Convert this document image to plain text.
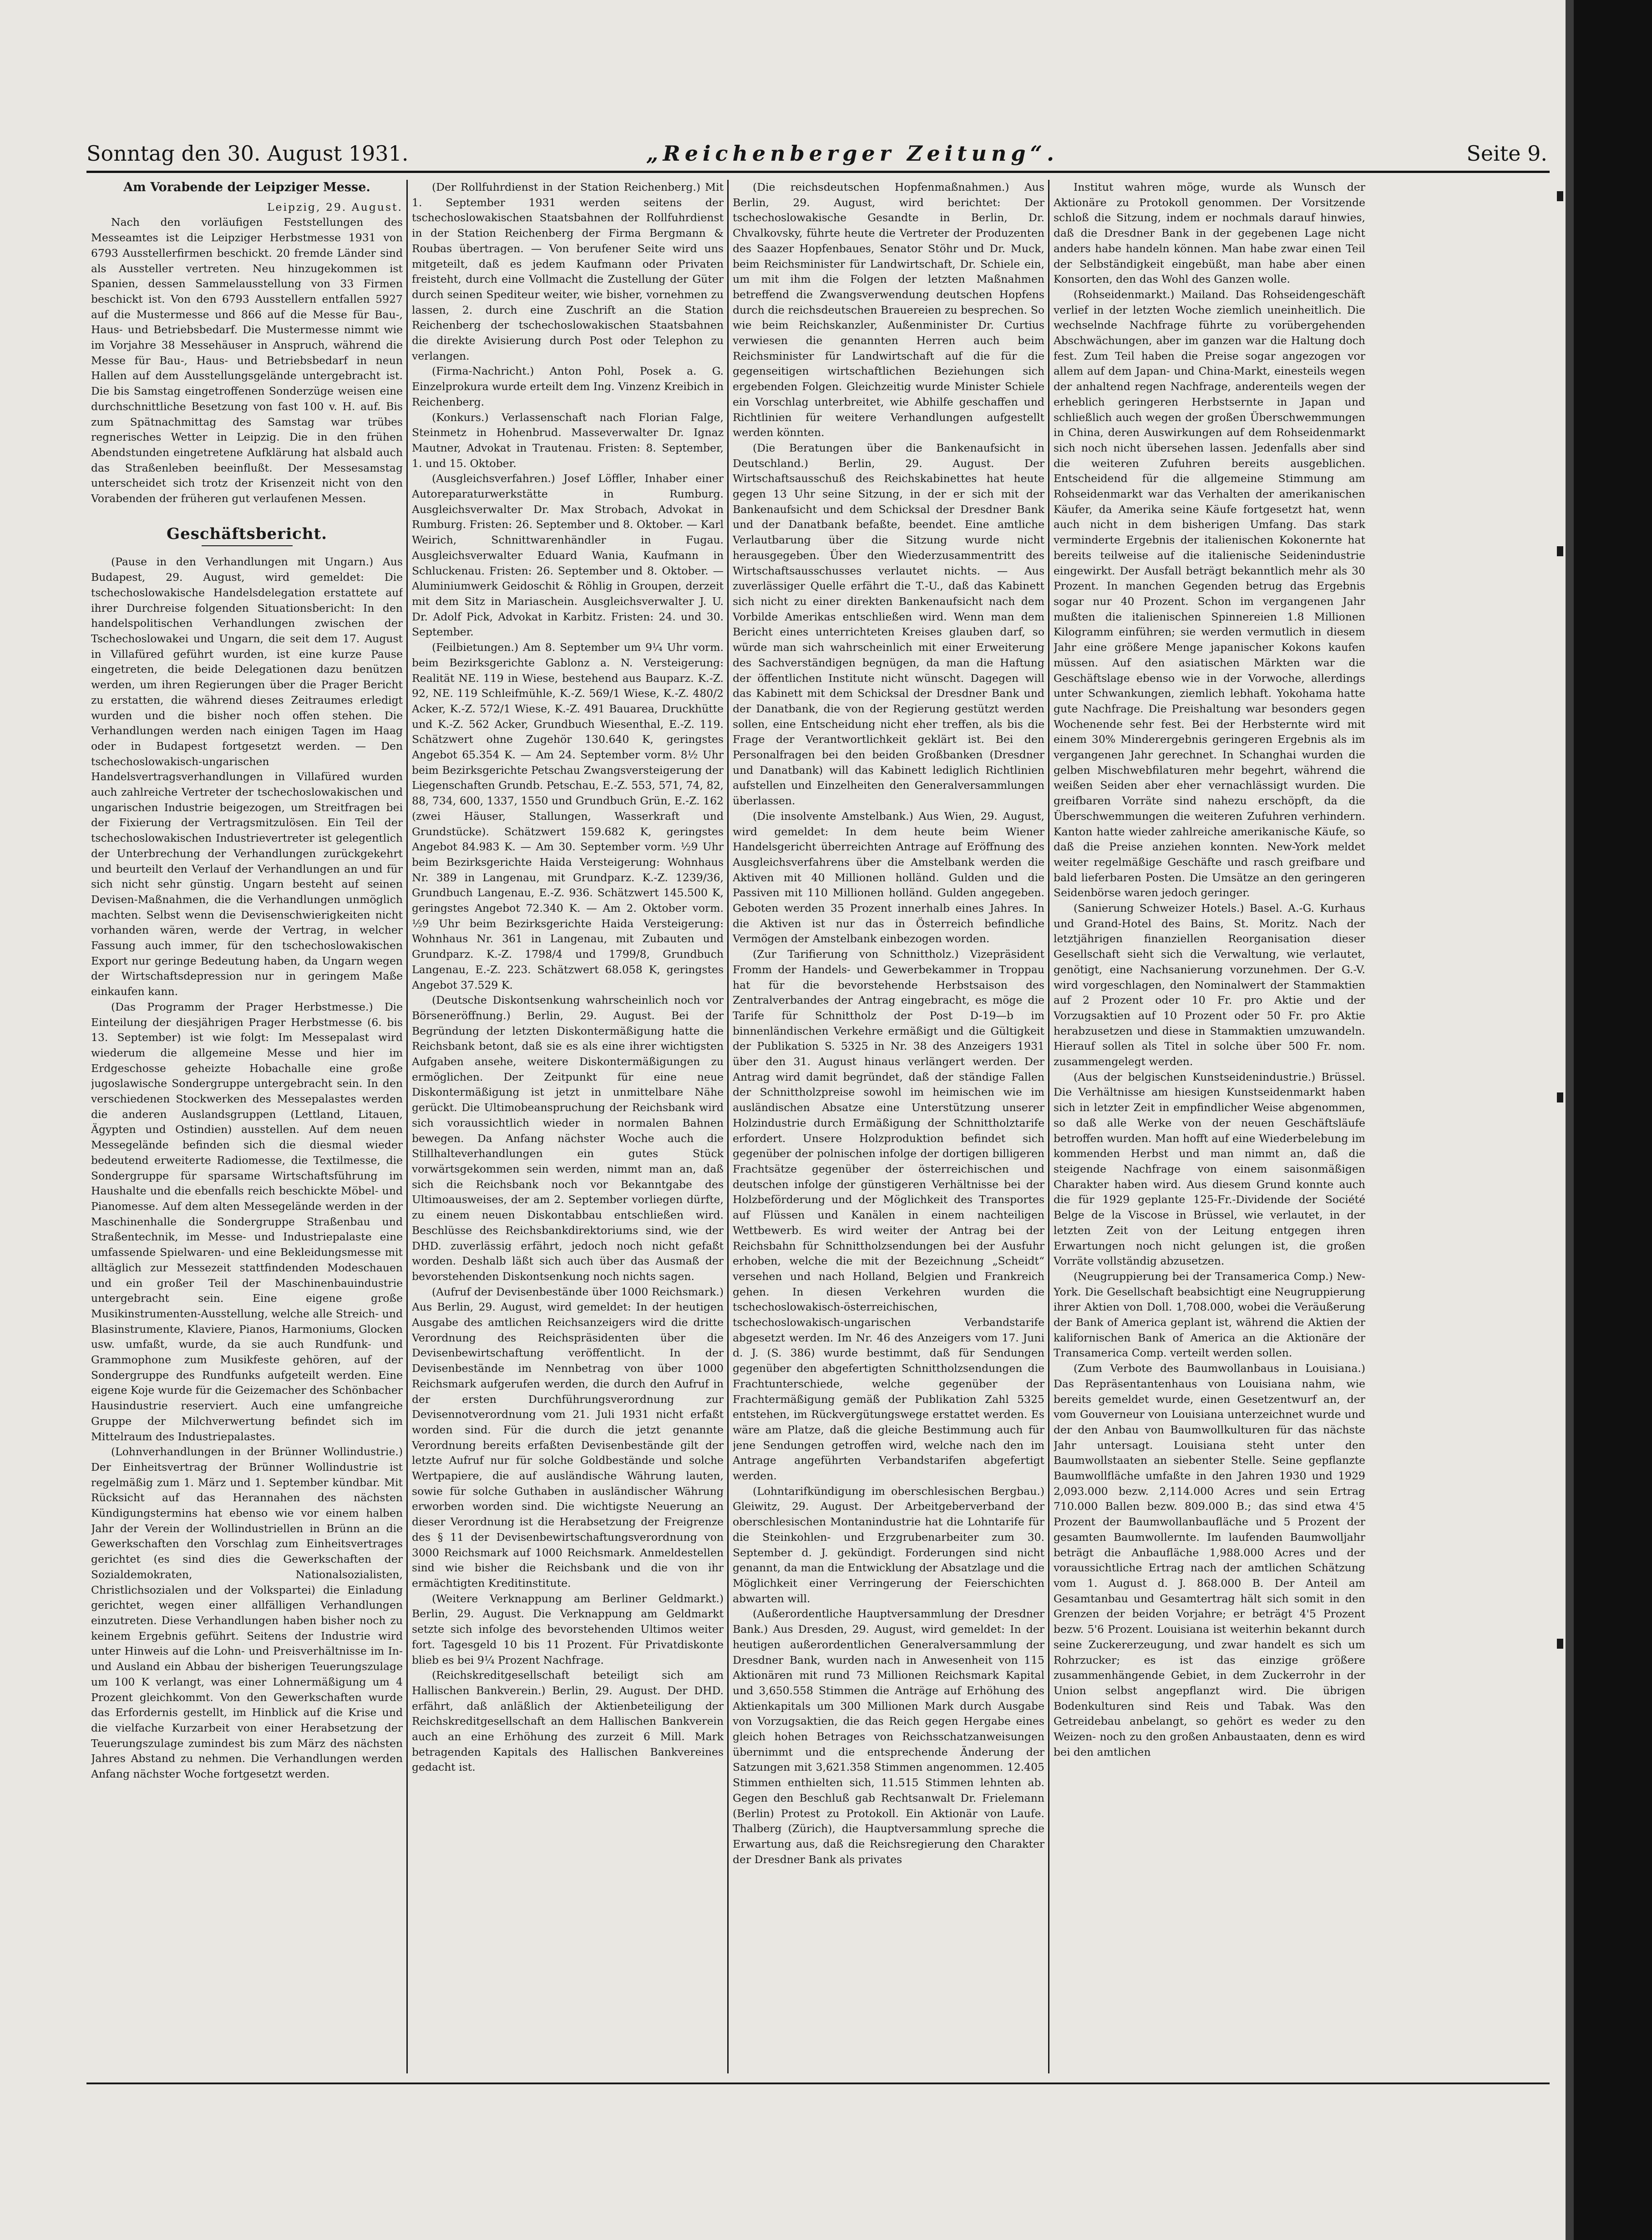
Sonntag den 30. August 1931.	„Reichenberger Zeitung“.	Seite 9.

Am Vorabende der Leipziger Messe.

Leipzig, 29. August.

Nach den vorläufigen Feststellungen des Messeamtes ist die Leipziger Herbstmesse 1931 von 6793 Ausstellerfirmen beschickt. 20 fremde Länder sind als Aussteller vertreten. Neu hinzugekommen ist Spanien, dessen Sammelausstellung von 33 Firmen beschickt ist. Von den 6793 Ausstellern entfallen 5927 auf die Mustermesse und 866 auf die Messe für Bau-, Haus- und Betriebsbedarf. Die Mustermesse nimmt wie im Vorjahre 38 Messehäuser in Anspruch, während die Messe für Bau-, Haus- und Betriebsbedarf in neun Hallen auf dem Ausstellungsgelände untergebracht ist. Die bis Samstag eingetroffenen Sonderzüge weisen eine durchschnittliche Besetzung von fast 100 v. H. auf. Bis zum Spätnachmittag des Samstag war trübes regnerisches Wetter in Leipzig. Die in den frühen Abendstunden eingetretene Aufklärung hat alsbald auch das Straßenleben beeinflußt. Der Messesamstag unterscheidet sich trotz der Krisenzeit nicht von den Vorabenden der früheren gut verlaufenen Messen.

Geschäftsbericht.

(Pause in den Verhandlungen mit Ungarn.) Aus Budapest, 29. August, wird gemeldet: Die tschechoslowakische Handelsdelegation erstattete auf ihrer Durchreise folgenden Situationsbericht: In den handelspolitischen Verhandlungen zwischen der Tschechoslowakei und Ungarn, die seit dem 17. August in Villafüred geführt wurden, ist eine kurze Pause eingetreten, die beide Delegationen dazu benützen werden, um ihren Regierungen über die Prager Bericht zu erstatten, die während dieses Zeitraumes erledigt wurden und die bisher noch offen stehen. Die Verhandlungen werden nach einigen Tagen im Haag oder in Budapest fortgesetzt werden. — Den tschechoslowakisch-ungarischen Handelsvertragsverhandlungen in Villafüred wurden auch zahlreiche Vertreter der tschechoslowakischen und ungarischen Industrie beigezogen, um Streitfragen bei der Fixierung der Vertragsmitzulösen. Ein Teil der tschechoslowakischen Industrievertreter ist gelegentlich der Unterbrechung der Verhandlungen zurückgekehrt und beurteilt den Verlauf der Verhandlungen an und für sich nicht sehr günstig. Ungarn besteht auf seinen Devisen-Maßnahmen, die die Verhandlungen unmöglich machten. Selbst wenn die Devisenschwierigkeiten nicht vorhanden wären, werde der Vertrag, in welcher Fassung auch immer, für den tschechoslowakischen Export nur geringe Bedeutung haben, da Ungarn wegen der Wirtschaftsdepression nur in geringem Maße einkaufen kann.

(Das Programm der Prager Herbstmesse.) Die Einteilung der diesjährigen Prager Herbstmesse (6. bis 13. September) ist wie folgt: Im Messepalast wird wiederum die allgemeine Messe und hier im Erdgeschosse geheizte Hobachalle eine große jugoslawische Sondergruppe untergebracht sein. In den verschiedenen Stockwerken des Messepalastes werden die anderen Auslandsgruppen (Lettland, Litauen, Ägypten und Ostindien) ausstellen. Auf dem neuen Messegelände befinden sich die diesmal wieder bedeutend erweiterte Radiomesse, die Textilmesse, die Sondergruppe für sparsame Wirtschaftsführung im Haushalte und die ebenfalls reich beschickte Möbel- und Pianomesse. Auf dem alten Messegelände werden in der Maschinenhalle die Sondergruppe Straßenbau und Straßentechnik, im Messe- und Industriepalaste eine umfassende Spielwaren- und eine Bekleidungsmesse mit alltäglich zur Messezeit stattfindenden Modeschauen und ein großer Teil der Maschinenbauindustrie untergebracht sein. Eine eigene große Musikinstrumenten-Ausstellung, welche alle Streich- und Blasinstrumente, Klaviere, Pianos, Harmoniums, Glocken usw. umfaßt, wurde, da sie auch Rundfunk- und Grammophone zum Musikfeste gehören, auf der Sondergruppe des Rundfunks aufgeteilt werden. Eine eigene Koje wurde für die Geizemacher des Schönbacher Hausindustrie reserviert. Auch eine umfangreiche Gruppe der Milchverwertung befindet sich im Mittelraum des Industriepalastes.

(Lohnverhandlungen in der Brünner Wollindustrie.) Der Einheitsvertrag der Brünner Wollindustrie ist regelmäßig zum 1. März und 1. September kündbar. Mit Rücksicht auf das Herannahen des nächsten Kündigungstermins hat ebenso wie vor einem halben Jahr der Verein der Wollindustriellen in Brünn an die Gewerkschaften den Vorschlag zum Einheitsvertrages gerichtet (es sind dies die Gewerkschaften der Sozialdemokraten, Nationalsozialisten, Christlichsozialen und der Volkspartei) die Einladung gerichtet, wegen einer allfälligen Verhandlungen einzutreten. Diese Verhandlungen haben bisher noch zu keinem Ergebnis geführt. Seitens der Industrie wird unter Hinweis auf die Lohn- und Preisverhältnisse im In- und Ausland ein Abbau der bisherigen Teuerungszulage um 100 K verlangt, was einer Lohnermäßigung um 4 Prozent gleichkommt. Von den Gewerkschaften wurde das Erfordernis gestellt, im Hinblick auf die Krise und die vielfache Kurzarbeit von einer Herabsetzung der Teuerungszulage zumindest bis zum März des nächsten Jahres Abstand zu nehmen. Die Verhandlungen werden Anfang nächster Woche fortgesetzt werden.

(Der Rollfuhrdienst in der Station Reichenberg.) Mit 1. September 1931 werden seitens der tschechoslowakischen Staatsbahnen der Rollfuhrdienst in der Station Reichenberg der Firma Bergmann & Roubas übertragen. — Von berufener Seite wird uns mitgeteilt, daß es jedem Kaufmann oder Privaten freisteht, durch eine Vollmacht die Zustellung der Güter durch seinen Spediteur weiter, wie bisher, vornehmen zu lassen, 2. durch eine Zuschrift an die Station Reichenberg der tschechoslowakischen Staatsbahnen die direkte Avisierung durch Post oder Telephon zu verlangen.

(Firma-Nachricht.) Anton Pohl, Posek a. G. Einzelprokura wurde erteilt dem Ing. Vinzenz Kreibich in Reichenberg.

(Konkurs.) Verlassenschaft nach Florian Falge, Steinmetz in Hohenbrud. Masseverwalter Dr. Ignaz Mautner, Advokat in Trautenau. Fristen: 8. September, 1. und 15. Oktober.

(Ausgleichsverfahren.) Josef Löffler, Inhaber einer Autoreparaturwerkstätte in Rumburg. Ausgleichsverwalter Dr. Max Strobach, Advokat in Rumburg. Fristen: 26. September und 8. Oktober. — Karl Weirich, Schnittwarenhändler in Fugau. Ausgleichsverwalter Eduard Wania, Kaufmann in Schluckenau. Fristen: 26. September und 8. Oktober. — Aluminiumwerk Geidoschit & Röhlig in Groupen, derzeit mit dem Sitz in Mariaschein. Ausgleichsverwalter J. U. Dr. Adolf Pick, Advokat in Karbitz. Fristen: 24. und 30. September.

(Feilbietungen.) Am 8. September um 9¼ Uhr vorm. beim Bezirksgerichte Gablonz a. N. Versteigerung: Realität NE. 119 in Wiese, bestehend aus Bauparz. K.-Z. 92, NE. 119 Schleifmühle, K.-Z. 569/1 Wiese, K.-Z. 480/2 Acker, K.-Z. 572/1 Wiese, K.-Z. 491 Bauarea, Druckhütte und K.-Z. 562 Acker, Grundbuch Wiesenthal, E.-Z. 119. Schätzwert ohne Zugehör 130.640 K, geringstes Angebot 65.354 K. — Am 24. September vorm. 8½ Uhr beim Bezirksgerichte Petschau Zwangsversteigerung der Liegenschaften Grundb. Petschau, E.-Z. 553, 571, 74, 82, 88, 734, 600, 1337, 1550 und Grundbuch Grün, E.-Z. 162 (zwei Häuser, Stallungen, Wasserkraft und Grundstücke). Schätzwert 159.682 K, geringstes Angebot 84.983 K. — Am 30. September vorm. ½9 Uhr beim Bezirksgerichte Haida Versteigerung: Wohnhaus Nr. 389 in Langenau, mit Grundparz. K.-Z. 1239/36, Grundbuch Langenau, E.-Z. 936. Schätzwert 145.500 K, geringstes Angebot 72.340 K. — Am 2. Oktober vorm. ½9 Uhr beim Bezirksgerichte Haida Versteigerung: Wohnhaus Nr. 361 in Langenau, mit Zubauten und Grundparz. K.-Z. 1798/4 und 1799/8, Grundbuch Langenau, E.-Z. 223. Schätzwert 68.058 K, geringstes Angebot 37.529 K.

(Deutsche Diskontsenkung wahrscheinlich noch vor Börseneröffnung.) Berlin, 29. August. Bei der Begründung der letzten Diskontermäßigung hatte die Reichsbank betont, daß sie es als eine ihrer wichtigsten Aufgaben ansehe, weitere Diskontermäßigungen zu ermöglichen. Der Zeitpunkt für eine neue Diskontermäßigung ist jetzt in unmittelbare Nähe gerückt. Die Ultimobeanspruchung der Reichsbank wird sich voraussichtlich wieder in normalen Bahnen bewegen. Da Anfang nächster Woche auch die Stillhalteverhandlungen ein gutes Stück vorwärtsgekommen sein werden, nimmt man an, daß sich die Reichsbank noch vor Bekanntgabe des Ultimoausweises, der am 2. September vorliegen dürfte, zu einem neuen Diskontabbau entschließen wird. Beschlüsse des Reichsbankdirektoriums sind, wie der DHD. zuverlässig erfährt, jedoch noch nicht gefaßt worden. Deshalb läßt sich auch über das Ausmaß der bevorstehenden Diskontsenkung noch nichts sagen.

(Aufruf der Devisenbestände über 1000 Reichsmark.) Aus Berlin, 29. August, wird gemeldet: In der heutigen Ausgabe des amtlichen Reichsanzeigers wird die dritte Verordnung des Reichspräsidenten über die Devisenbewirtschaftung veröffentlicht. In der Devisenbestände im Nennbetrag von über 1000 Reichsmark aufgerufen werden, die durch den Aufruf in der ersten Durchführungsverordnung zur Devisennotverordnung vom 21. Juli 1931 nicht erfaßt worden sind. Für die durch die jetzt genannte Verordnung bereits erfaßten Devisenbestände gilt der letzte Aufruf nur für solche Goldbestände und solche Wertpapiere, die auf ausländische Währung lauten, sowie für solche Guthaben in ausländischer Währung erworben worden sind. Die wichtigste Neuerung an dieser Verordnung ist die Herabsetzung der Freigrenze des § 11 der Devisenbewirtschaftungsverordnung von 3000 Reichsmark auf 1000 Reichsmark. Anmeldestellen sind wie bisher die Reichsbank und die von ihr ermächtigten Kreditinstitute.

(Weitere Verknappung am Berliner Geldmarkt.) Berlin, 29. August. Die Verknappung am Geldmarkt setzte sich infolge des bevorstehenden Ultimos weiter fort. Tagesgeld 10 bis 11 Prozent. Für Privatdiskonte blieb es bei 9¼ Prozent Nachfrage.

(Reichskreditgesellschaft beteiligt sich am Hallischen Bankverein.) Berlin, 29. August. Der DHD. erfährt, daß anläßlich der Aktienbeteiligung der Reichskreditgesellschaft an dem Hallischen Bankverein auch an eine Erhöhung des zurzeit 6 Mill. Mark betragenden Kapitals des Hallischen Bankvereines gedacht ist.

(Die reichsdeutschen Hopfenmaßnahmen.) Aus Berlin, 29. August, wird berichtet: Der tschechoslowakische Gesandte in Berlin, Dr. Chvalkovsky, führte heute die Vertreter der Produzenten des Saazer Hopfenbaues, Senator Stöhr und Dr. Muck, beim Reichsminister für Landwirtschaft, Dr. Schiele ein, um mit ihm die Folgen der letzten Maßnahmen betreffend die Zwangsverwendung deutschen Hopfens durch die reichsdeutschen Brauereien zu besprechen. So wie beim Reichskanzler, Außenminister Dr. Curtius verwiesen die genannten Herren auch beim Reichsminister für Landwirtschaft auf die für die gegenseitigen wirtschaftlichen Beziehungen sich ergebenden Folgen. Gleichzeitig wurde Minister Schiele ein Vorschlag unterbreitet, wie Abhilfe geschaffen und Richtlinien für weitere Verhandlungen aufgestellt werden könnten.

(Die Beratungen über die Bankenaufsicht in Deutschland.) Berlin, 29. August. Der Wirtschaftsausschuß des Reichskabinettes hat heute gegen 13 Uhr seine Sitzung, in der er sich mit der Bankenaufsicht und dem Schicksal der Dresdner Bank und der Danatbank befaßte, beendet. Eine amtliche Verlautbarung über die Sitzung wurde nicht herausgegeben. Über den Wiederzusammentritt des Wirtschaftsausschusses verlautet nichts. — Aus zuverlässiger Quelle erfährt die T.-U., daß das Kabinett sich nicht zu einer direkten Bankenaufsicht nach dem Vorbilde Amerikas entschließen wird. Wenn man dem Bericht eines unterrichteten Kreises glauben darf, so würde man sich wahrscheinlich mit einer Erweiterung des Sachverständigen begnügen, da man die Haftung der öffentlichen Institute nicht wünscht. Dagegen will das Kabinett mit dem Schicksal der Dresdner Bank und der Danatbank, die von der Regierung gestützt werden sollen, eine Entscheidung nicht eher treffen, als bis die Frage der Verantwortlichkeit geklärt ist. Bei den Personalfragen bei den beiden Großbanken (Dresdner und Danatbank) will das Kabinett lediglich Richtlinien aufstellen und Einzelheiten den Generalversammlungen überlassen.

(Die insolvente Amstelbank.) Aus Wien, 29. August, wird gemeldet: In dem heute beim Wiener Handelsgericht überreichten Antrage auf Eröffnung des Ausgleichsverfahrens über die Amstelbank werden die Aktiven mit 40 Millionen holländ. Gulden und die Passiven mit 110 Millionen holländ. Gulden angegeben. Geboten werden 35 Prozent innerhalb eines Jahres. In die Aktiven ist nur das in Österreich befindliche Vermögen der Amstelbank einbezogen worden.

(Zur Tarifierung von Schnittholz.) Vizepräsident Fromm der Handels- und Gewerbekammer in Troppau hat für die bevorstehende Herbstsaison des Zentralverbandes der Antrag eingebracht, es möge die Tarife für Schnittholz der Post D-19—b im binnenländischen Verkehre ermäßigt und die Gültigkeit der Publikation S. 5325 in Nr. 38 des Anzeigers 1931 über den 31. August hinaus verlängert werden. Der Antrag wird damit begründet, daß der ständige Fallen der Schnittholzpreise sowohl im heimischen wie im ausländischen Absatze eine Unterstützung unserer Holzindustrie durch Ermäßigung der Schnittholztarife erfordert. Unsere Holzproduktion befindet sich gegenüber der polnischen infolge der dortigen billigeren Frachtsätze gegenüber der österreichischen und deutschen infolge der günstigeren Verhältnisse bei der Holzbeförderung und der Möglichkeit des Transportes auf Flüssen und Kanälen in einem nachteiligen Wettbewerb. Es wird weiter der Antrag bei der Reichsbahn für Schnittholzsendungen bei der Ausfuhr erhoben, welche die mit der Bezeichnung „Scheidt“ versehen und nach Holland, Belgien und Frankreich gehen. In diesen Verkehren wurden die tschechoslowakisch-österreichischen, tschechoslowakisch-ungarischen Verbandstarife abgesetzt werden. Im Nr. 46 des Anzeigers vom 17. Juni d. J. (S. 386) wurde bestimmt, daß für Sendungen gegenüber den abgefertigten Schnittholzsendungen die Frachtunterschiede, welche gegenüber der Frachtermäßigung gemäß der Publikation Zahl 5325 entstehen, im Rückvergütungswege erstattet werden. Es wäre am Platze, daß die gleiche Bestimmung auch für jene Sendungen getroffen wird, welche nach den im Antrage angeführten Verbandstarifen abgefertigt werden.

(Lohntarifkündigung im oberschlesischen Bergbau.) Gleiwitz, 29. August. Der Arbeitgeberverband der oberschlesischen Montanindustrie hat die Lohntarife für die Steinkohlen- und Erzgrubenarbeiter zum 30. September d. J. gekündigt. Forderungen sind nicht genannt, da man die Entwicklung der Absatzlage und die Möglichkeit einer Verringerung der Feierschichten abwarten will.

(Außerordentliche Hauptversammlung der Dresdner Bank.) Aus Dresden, 29. August, wird gemeldet: In der heutigen außerordentlichen Generalversammlung der Dresdner Bank, wurden nach in Anwesenheit von 115 Aktionären mit rund 73 Millionen Reichsmark Kapital und 3,650.558 Stimmen die Anträge auf Erhöhung des Aktienkapitals um 300 Millionen Mark durch Ausgabe von Vorzugsaktien, die das Reich gegen Hergabe eines gleich hohen Betrages von Reichsschatzanweisungen übernimmt und die entsprechende Änderung der Satzungen mit 3,621.358 Stimmen angenommen. 12.405 Stimmen enthielten sich, 11.515 Stimmen lehnten ab. Gegen den Beschluß gab Rechtsanwalt Dr. Frielemann (Berlin) Protest zu Protokoll. Ein Aktionär von Laufe. Thalberg (Zürich), die Hauptversammlung spreche die Erwartung aus, daß die Reichsregierung den Charakter der Dresdner Bank als privates

Institut wahren möge, wurde als Wunsch der Aktionäre zu Protokoll genommen. Der Vorsitzende schloß die Sitzung, indem er nochmals darauf hinwies, daß die Dresdner Bank in der gegebenen Lage nicht anders habe handeln können. Man habe zwar einen Teil der Selbständigkeit eingebüßt, man habe aber einen Konsorten, den das Wohl des Ganzen wolle.

(Rohseidenmarkt.) Mailand. Das Rohseidengeschäft verlief in der letzten Woche ziemlich uneinheitlich. Die wechselnde Nachfrage führte zu vorübergehenden Abschwächungen, aber im ganzen war die Haltung doch fest. Zum Teil haben die Preise sogar angezogen vor allem auf dem Japan- und China-Markt, einesteils wegen der anhaltend regen Nachfrage, anderenteils wegen der erheblich geringeren Herbstsernte in Japan und schließlich auch wegen der großen Überschwemmungen in China, deren Auswirkungen auf dem Rohseidenmarkt sich noch nicht übersehen lassen. Jedenfalls aber sind die weiteren Zufuhren bereits ausgeblichen. Entscheidend für die allgemeine Stimmung am Rohseidenmarkt war das Verhalten der amerikanischen Käufer, da Amerika seine Käufe fortgesetzt hat, wenn auch nicht in dem bisherigen Umfang. Das stark verminderte Ergebnis der italienischen Kokonernte hat bereits teilweise auf die italienische Seidenindustrie eingewirkt. Der Ausfall beträgt bekanntlich mehr als 30 Prozent. In manchen Gegenden betrug das Ergebnis sogar nur 40 Prozent. Schon im vergangenen Jahr mußten die italienischen Spinnereien 1.8 Millionen Kilogramm einführen; sie werden vermutlich in diesem Jahr eine größere Menge japanischer Kokons kaufen müssen. Auf den asiatischen Märkten war die Geschäftslage ebenso wie in der Vorwoche, allerdings unter Schwankungen, ziemlich lebhaft. Yokohama hatte gute Nachfrage. Die Preishaltung war besonders gegen Wochenende sehr fest. Bei der Herbsternte wird mit einem 30% Minderergebnis geringeren Ergebnis als im vergangenen Jahr gerechnet. In Schanghai wurden die gelben Mischwebfilaturen mehr begehrt, während die weißen Seiden aber eher vernachlässigt wurden. Die greifbaren Vorräte sind nahezu erschöpft, da die Überschwemmungen die weiteren Zufuhren verhindern. Kanton hatte wieder zahlreiche amerikanische Käufe, so daß die Preise anziehen konnten. New-York meldet weiter regelmäßige Geschäfte und rasch greifbare und bald lieferbaren Posten. Die Umsätze an den geringeren Seidenbörse waren jedoch geringer.

(Sanierung Schweizer Hotels.) Basel. A.-G. Kurhaus und Grand-Hotel des Bains, St. Moritz. Nach der letztjährigen finanziellen Reorganisation dieser Gesellschaft sieht sich die Verwaltung, wie verlautet, genötigt, eine Nachsanierung vorzunehmen. Der G.-V. wird vorgeschlagen, den Nominalwert der Stammaktien auf 2 Prozent oder 10 Fr. pro Aktie und der Vorzugsaktien auf 10 Prozent oder 50 Fr. pro Aktie herabzusetzen und diese in Stammaktien umzuwandeln. Hierauf sollen als Titel in solche über 500 Fr. nom. zusammengelegt werden.

(Aus der belgischen Kunstseidenindustrie.) Brüssel. Die Verhältnisse am hiesigen Kunstseidenmarkt haben sich in letzter Zeit in empfindlicher Weise abgenommen, so daß alle Werke von der neuen Geschäftsläufe betroffen wurden. Man hofft auf eine Wiederbelebung im kommenden Herbst und man nimmt an, daß die steigende Nachfrage von einem saisonmäßigen Charakter haben wird. Aus diesem Grund konnte auch die für 1929 geplante 125-Fr.-Dividende der Société Belge de la Viscose in Brüssel, wie verlautet, in der letzten Zeit von der Leitung entgegen ihren Erwartungen noch nicht gelungen ist, die großen Vorräte vollständig abzusetzen.

(Neugruppierung bei der Transamerica Comp.) New-York. Die Gesellschaft beabsichtigt eine Neugruppierung ihrer Aktien von Doll. 1,708.000, wobei die Veräußerung der Bank of America geplant ist, während die Aktien der kalifornischen Bank of America an die Aktionäre der Transamerica Comp. verteilt werden sollen.

(Zum Verbote des Baumwollanbaus in Louisiana.) Das Repräsentantenhaus von Louisiana nahm, wie bereits gemeldet wurde, einen Gesetzentwurf an, der vom Gouverneur von Louisiana unterzeichnet wurde und der den Anbau von Baumwollkulturen für das nächste Jahr untersagt. Louisiana steht unter den Baumwollstaaten an siebenter Stelle. Seine gepflanzte Baumwollfläche umfaßte in den Jahren 1930 und 1929 2,093.000 bezw. 2,114.000 Acres und sein Ertrag 710.000 Ballen bezw. 809.000 B.; das sind etwa 4'5 Prozent der Baumwollanbaufläche und 5 Prozent der gesamten Baumwollernte. Im laufenden Baumwolljahr beträgt die Anbaufläche 1,988.000 Acres und der voraussichtliche Ertrag nach der amtlichen Schätzung vom 1. August d. J. 868.000 B. Der Anteil am Gesamtanbau und Gesamtertrag hält sich somit in den Grenzen der beiden Vorjahre; er beträgt 4'5 Prozent bezw. 5'6 Prozent. Louisiana ist weiterhin bekannt durch seine Zuckererzeugung, und zwar handelt es sich um Rohrzucker; es ist das einzige größere zusammenhängende Gebiet, in dem Zuckerrohr in der Union selbst angepflanzt wird. Die übrigen Bodenkulturen sind Reis und Tabak. Was den Getreidebau anbelangt, so gehört es weder zu den Weizen- noch zu den großen Anbaustaaten, denn es wird bei den amtlichen
